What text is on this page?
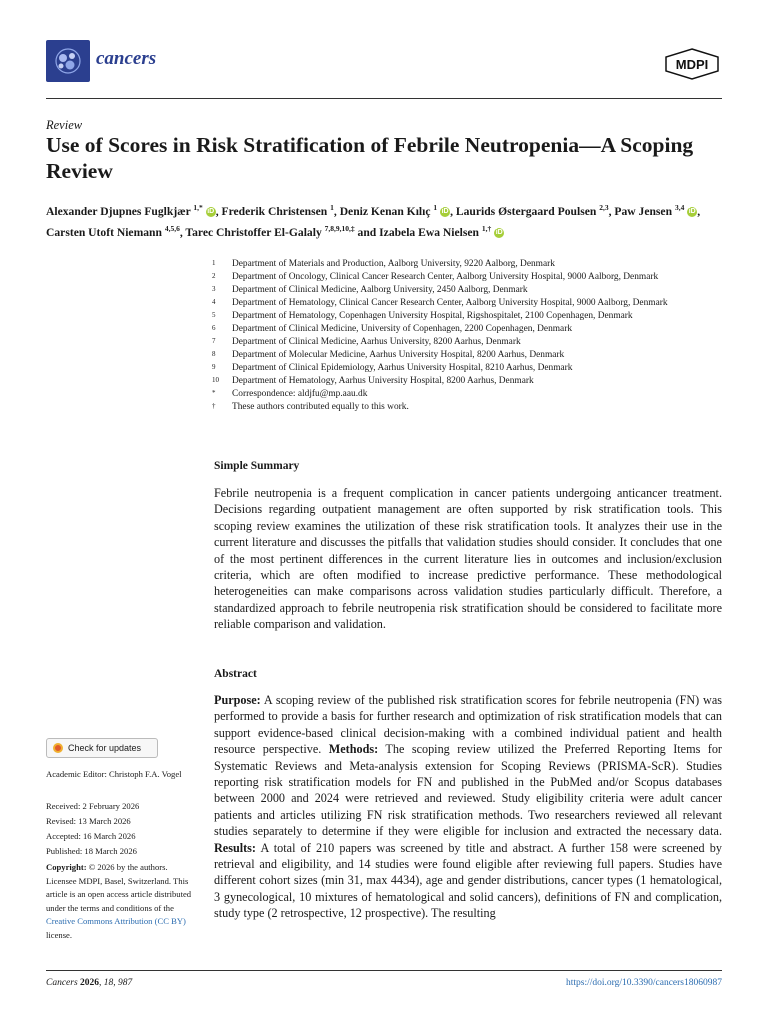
cancers	MDPI
Review
Use of Scores in Risk Stratification of Febrile Neutropenia—A Scoping Review
Alexander Djupnes Fuglkjær $^{1,*}$ iD , Frederik Christensen $^1$, Deniz Kenan Kılıç $^1$ iD , Laurids Østergaard Poulsen $^{2,3}$, Paw Jensen $^{3,4}$ iD , Carsten Utoft Niemann $^{4,5,6}$, Tarec Christoffer El-Galaly $^{7,8,9,10,\ddagger}$ and Izabela Ewa Nielsen $^{1,\dagger}$ iD
1	Department of Materials and Production, Aalborg University, 9220 Aalborg, Denmark
2	Department of Oncology, Clinical Cancer Research Center, Aalborg University Hospital, 9000 Aalborg, Denmark
3	Department of Clinical Medicine, Aalborg University, 2450 Aalborg, Denmark
4	Department of Hematology, Clinical Cancer Research Center, Aalborg University Hospital, 9000 Aalborg, Denmark
5	Department of Hematology, Copenhagen University Hospital, Rigshospitalet, 2100 Copenhagen, Denmark
6	Department of Clinical Medicine, University of Copenhagen, 2200 Copenhagen, Denmark
7	Department of Clinical Medicine, Aarhus University, 8200 Aarhus, Denmark
8	Department of Molecular Medicine, Aarhus University Hospital, 8200 Aarhus, Denmark
9	Department of Clinical Epidemiology, Aarhus University Hospital, 8210 Aarhus, Denmark
10	Department of Hematology, Aarhus University Hospital, 8200 Aarhus, Denmark
*	Correspondence: aldjfu@mp.aau.dk
†	These authors contributed equally to this work.
Simple Summary
Febrile neutropenia is a frequent complication in cancer patients undergoing anticancer treatment. Decisions regarding outpatient management are often supported by risk stratification tools. This scoping review examines the utilization of these risk stratification tools. It analyzes their use in the current literature and discusses the pitfalls that validation studies should consider. It concludes that one of the most pertinent differences in the current literature lies in outcomes and inclusion/exclusion criteria, which are often modified to increase predictive performance. These methodological heterogeneities can make comparisons across validation studies particularly difficult. Therefore, a standardized approach to febrile neutropenia risk stratification should be considered to facilitate more reliable comparison and validation.
Abstract
Purpose: A scoping review of the published risk stratification scores for febrile neutropenia (FN) was performed to provide a basis for further research and optimization of risk stratification models that can support evidence-based clinical decision-making with a combined individual patient and health resource perspective. Methods: The scoping review utilized the Preferred Reporting Items for Systematic Reviews and Meta-analysis extension for Scoping Reviews (PRISMA-ScR). Studies reporting risk stratification models for FN and published in the PubMed and/or Scopus databases between 2000 and 2024 were retrieved and reviewed. Study eligibility criteria were adult cancer patients and articles utilizing FN risk stratification methods. Two researchers reviewed all relevant studies separately to determine if they were eligible for inclusion and extracted the necessary data. Results: A total of 210 papers was screened by title and abstract. A further 158 were screened by retrieval and eligibility, and 14 studies were found eligible after reviewing full papers. Studies have different cohort sizes (min 31, max 4434), age and gender distributions, cancer types (1 hematological, 3 gynecological, 10 mixtures of hematological and solid cancers), definitions of FN and complication, study type (2 retrospective, 12 prospective). The resulting
Check for updates
Academic Editor: Christoph F.A. Vogel
Received: 2 February 2026
Revised: 13 March 2026
Accepted: 16 March 2026
Published: 18 March 2026
Copyright: © 2026 by the authors. Licensee MDPI, Basel, Switzerland. This article is an open access article distributed under the terms and conditions of the Creative Commons Attribution (CC BY) license.
Cancers 2026, 18, 987	https://doi.org/10.3390/cancers18060987
